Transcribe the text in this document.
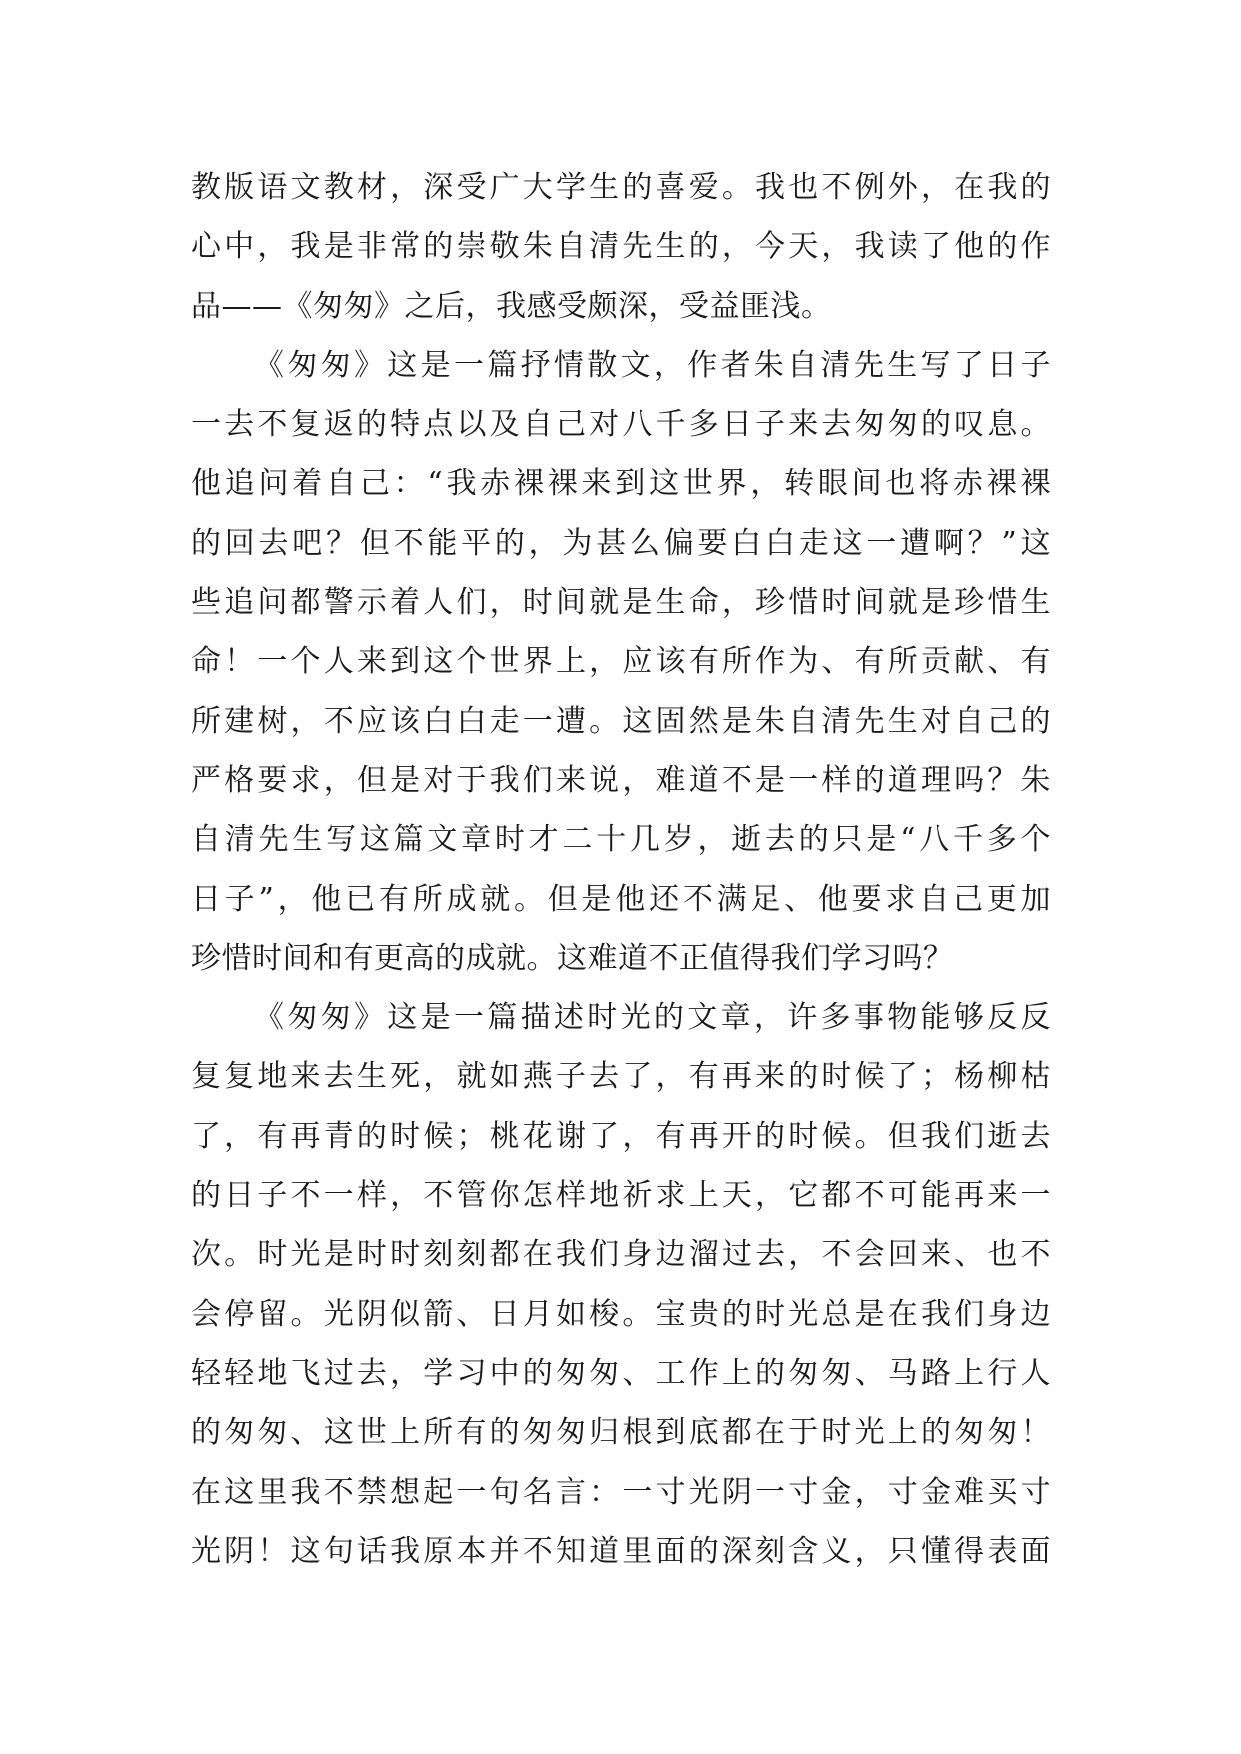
教版语文教材，深受广大学生的喜爱。我也不例外，在我的
心中，我是非常的崇敬朱自清先生的，今天，我读了他的作
品——《匆匆》之后，我感受颇深，受益匪浅。
《匆匆》这是一篇抒情散文，作者朱自清先生写了日子
一去不复返的特点以及自己对八千多日子来去匆匆的叹息。
他追问着自己：“我赤裸裸来到这世界，转眼间也将赤裸裸
的回去吧？但不能平的，为甚么偏要白白走这一遭啊？”这
些追问都警示着人们，时间就是生命，珍惜时间就是珍惜生
命！一个人来到这个世界上，应该有所作为、有所贡献、有
所建树，不应该白白走一遭。这固然是朱自清先生对自己的
严格要求，但是对于我们来说，难道不是一样的道理吗？朱
自清先生写这篇文章时才二十几岁，逝去的只是“八千多个
日子”，他已有所成就。但是他还不满足、他要求自己更加
珍惜时间和有更高的成就。这难道不正值得我们学习吗？
《匆匆》这是一篇描述时光的文章，许多事物能够反反
复复地来去生死，就如燕子去了，有再来的时候了；杨柳枯
了，有再青的时候；桃花谢了，有再开的时候。但我们逝去
的日子不一样，不管你怎样地祈求上天，它都不可能再来一
次。时光是时时刻刻都在我们身边溜过去，不会回来、也不
会停留。光阴似箭、日月如梭。宝贵的时光总是在我们身边
轻轻地飞过去，学习中的匆匆、工作上的匆匆、马路上行人
的匆匆、这世上所有的匆匆归根到底都在于时光上的匆匆！
在这里我不禁想起一句名言：一寸光阴一寸金，寸金难买寸
光阴！这句话我原本并不知道里面的深刻含义，只懂得表面
